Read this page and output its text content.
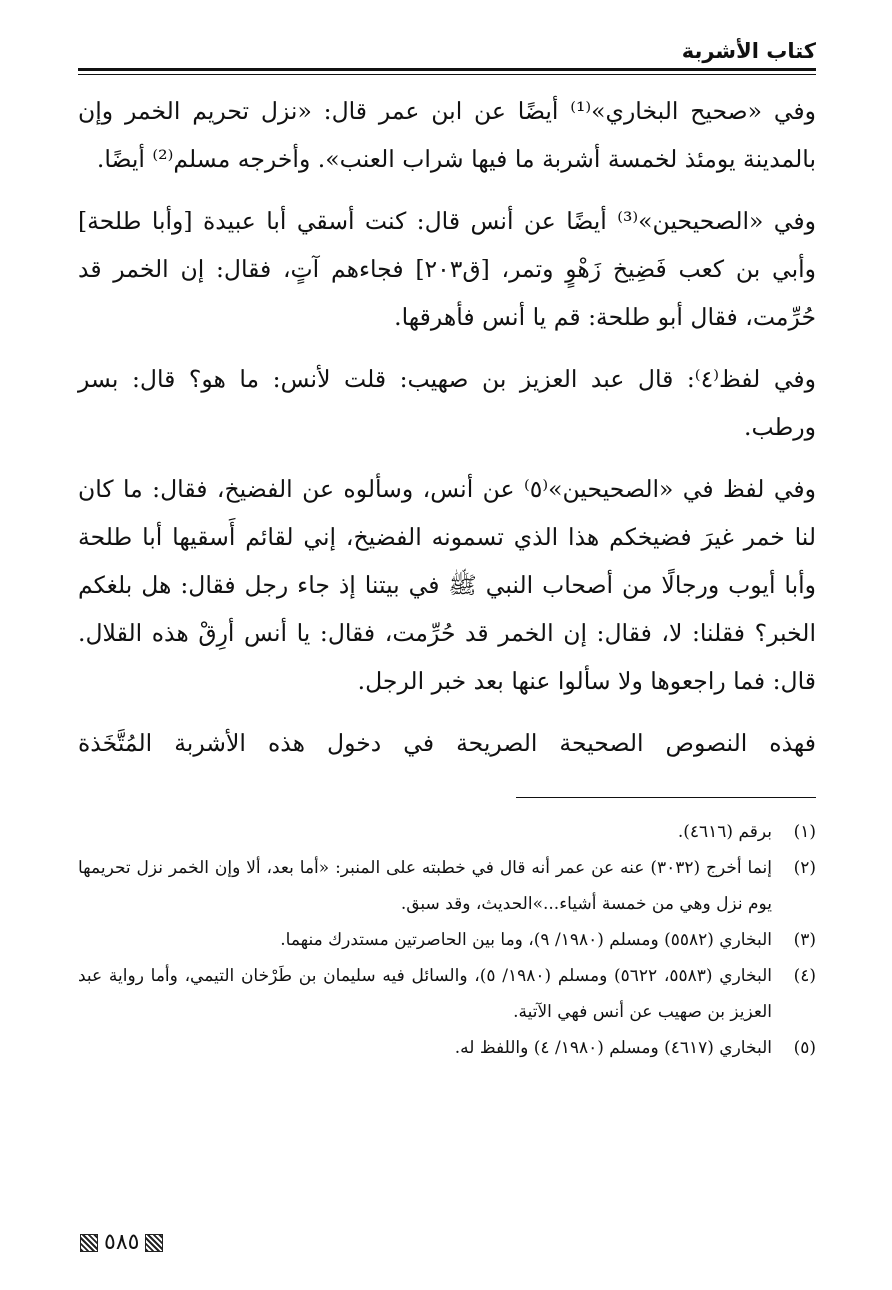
كتاب الأشربة

وفي «صحيح البخاري»⁽¹⁾ أيضًا عن ابن عمر قال: «نزل تحريم الخمر وإن بالمدينة يومئذ لخمسة أشربة ما فيها شراب العنب». وأخرجه مسلم⁽²⁾ أيضًا.

وفي «الصحيحين»⁽³⁾ أيضًا عن أنس قال: كنت أسقي أبا عبيدة [وأبا طلحة] وأبي بن كعب فَضِيخ زَهْوٍ وتمر، [ق٢٠٣] فجاءهم آتٍ، فقال: إن الخمر قد حُرِّمت، فقال أبو طلحة: قم يا أنس فأهرقها.

وفي لفظ⁽٤⁾: قال عبد العزيز بن صهيب: قلت لأنس: ما هو؟ قال: بسر ورطب.

وفي لفظ في «الصحيحين»⁽٥⁾ عن أنس، وسألوه عن الفضيخ، فقال: ما كان لنا خمر غيرَ فضيخكم هذا الذي تسمونه الفضيخ، إني لقائم أَسقيها أبا طلحة وأبا أيوب ورجالًا من أصحاب النبي ﷺ في بيتنا إذ جاء رجل فقال: هل بلغكم الخبر؟ فقلنا: لا، فقال: إن الخمر قد حُرِّمت، فقال: يا أنس أرِقْ هذه القلال. قال: فما راجعوها ولا سألوا عنها بعد خبر الرجل.

فهذه النصوص الصحيحة الصريحة في دخول هذه الأشربة المُتَّخَذة

(١)
برقم (٤٦١٦).
(٢)
إنما أخرج (٣٠٣٢) عنه عن عمر أنه قال في خطبته على المنبر: «أما بعد، ألا وإن الخمر نزل تحريمها يوم نزل وهي من خمسة أشياء...»الحديث، وقد سبق.
(٣)
البخاري (٥٥٨٢) ومسلم (١٩٨٠/ ٩)، وما بين الحاصرتين مستدرك منهما.
(٤)
البخاري (٥٥٨٣، ٥٦٢٢) ومسلم (١٩٨٠/ ٥)، والسائل فيه سليمان بن طَرْخان التيمي، وأما رواية عبد العزيز بن صهيب عن أنس فهي الآتية.
(٥)
البخاري (٤٦١٧) ومسلم (١٩٨٠/ ٤) واللفظ له.
٥٨٥
